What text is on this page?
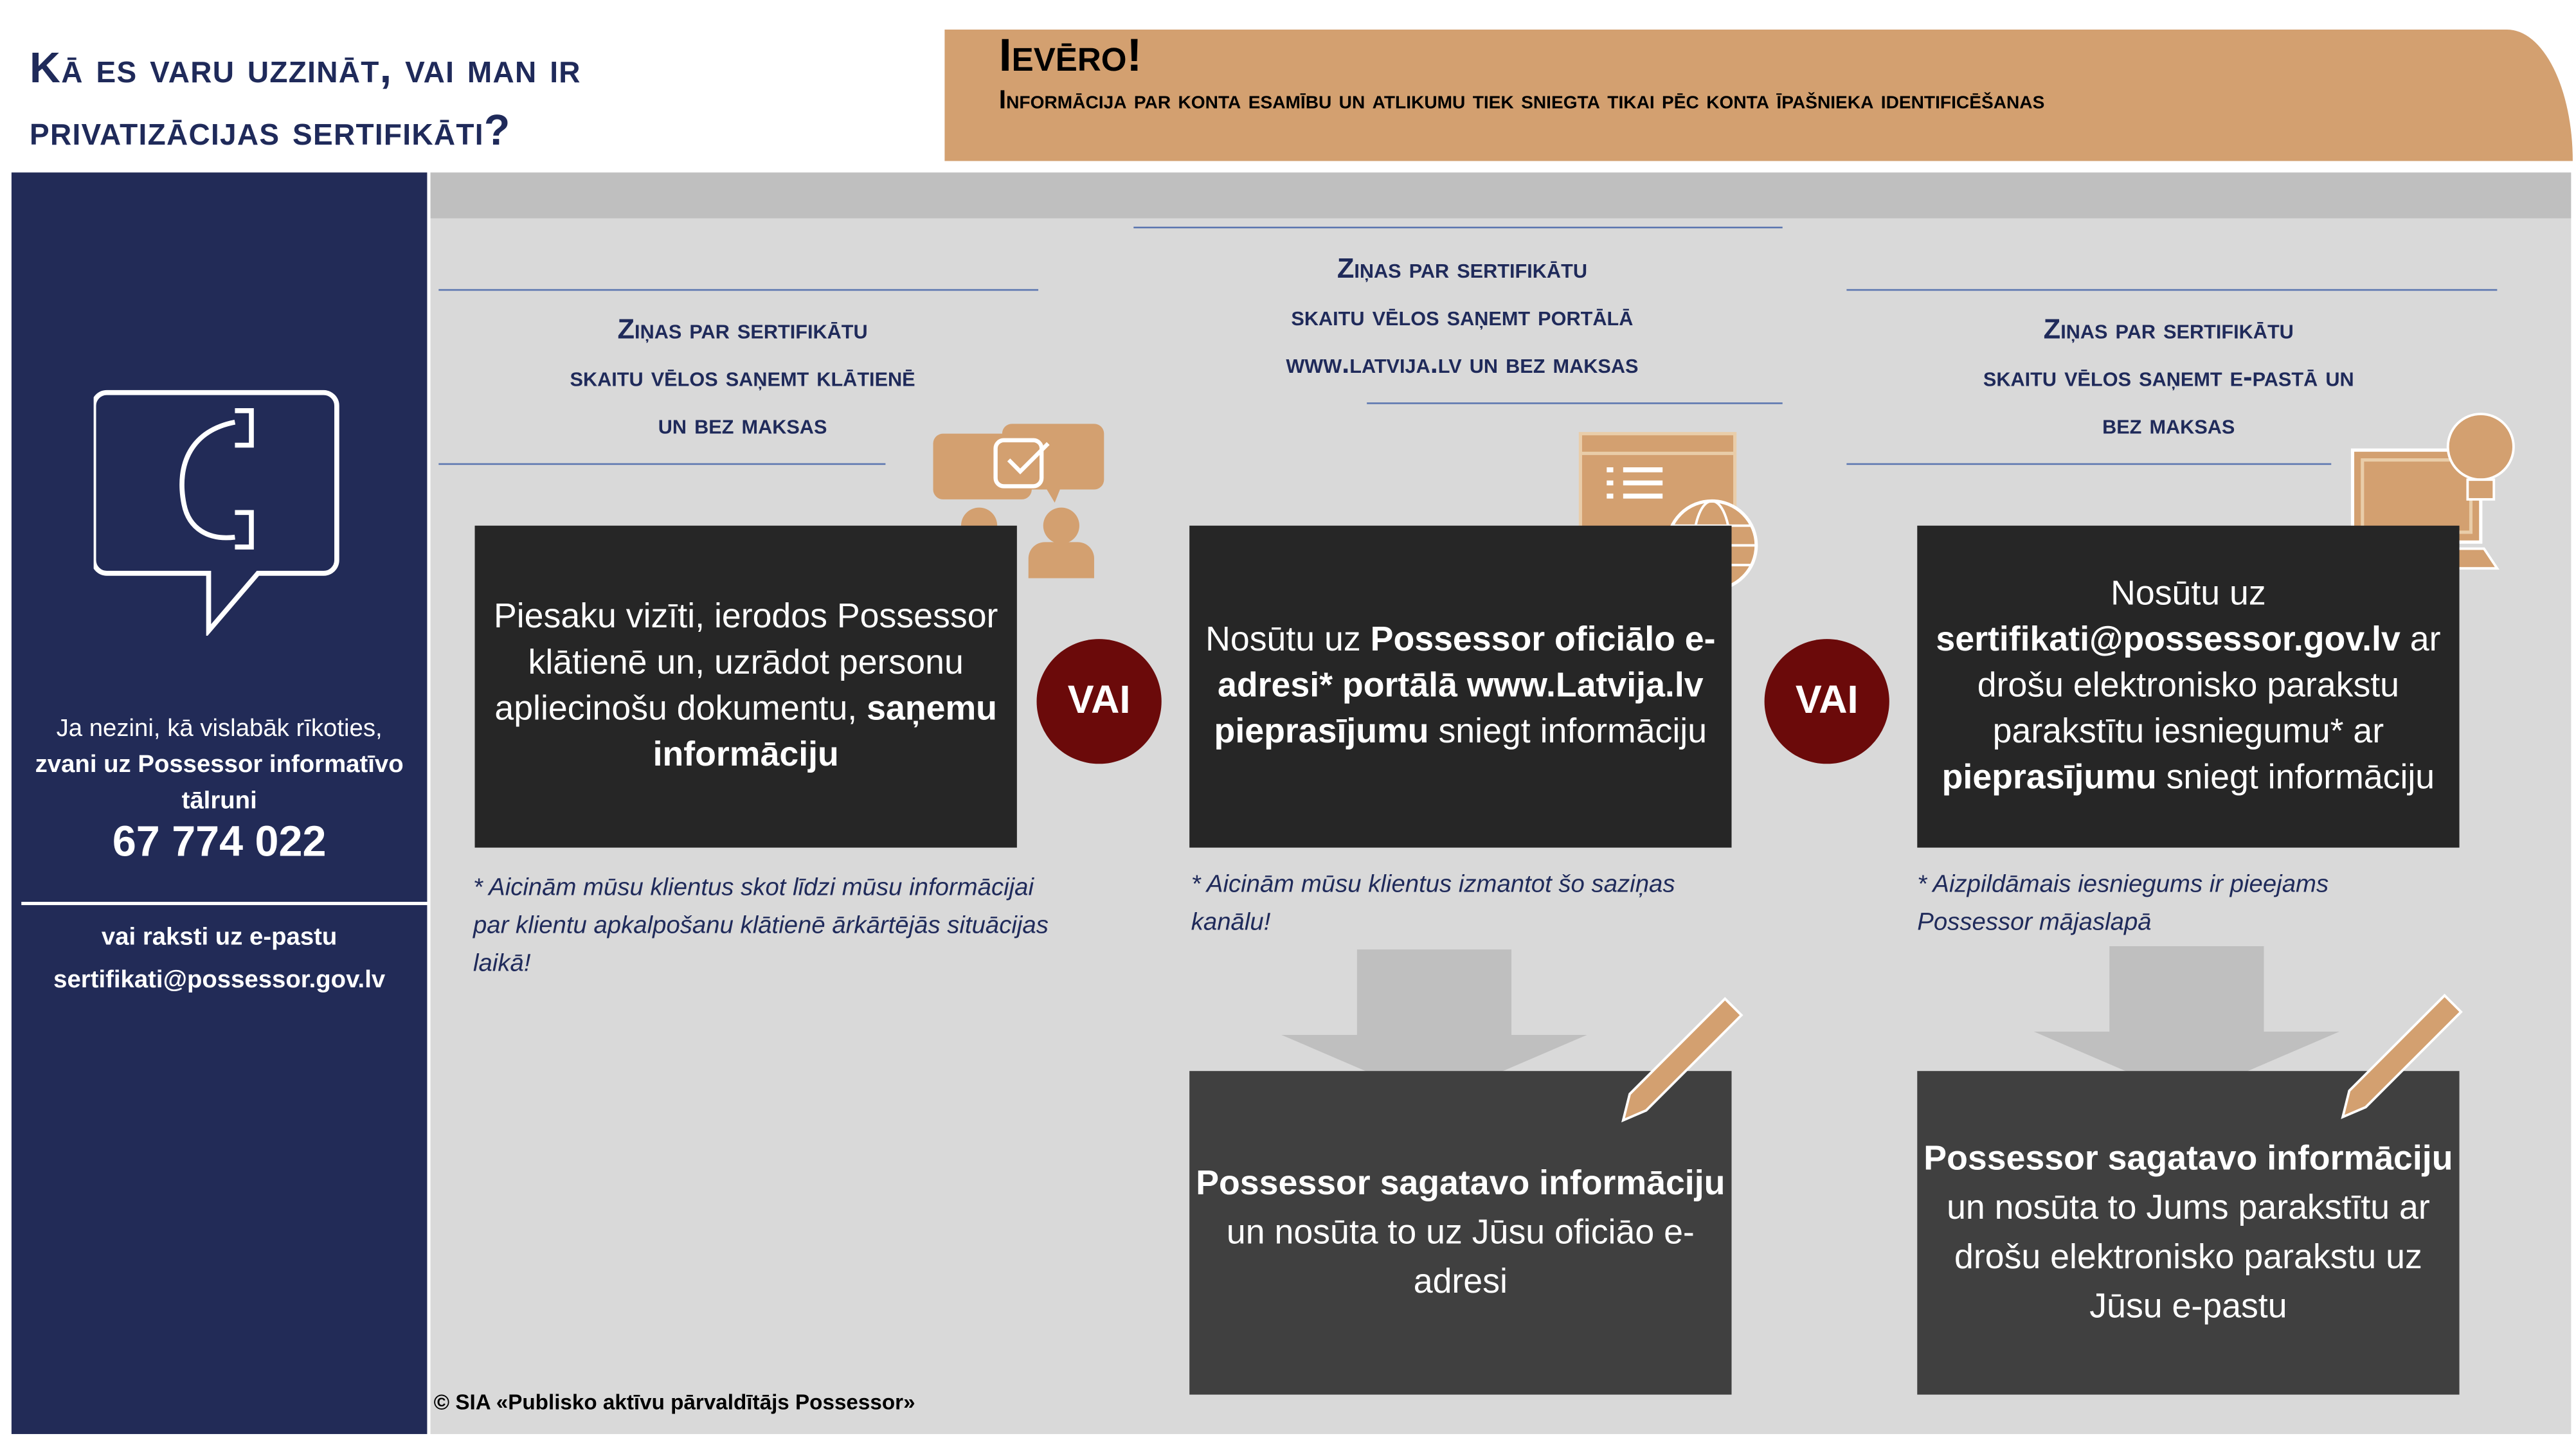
Kā es varu uzzināt, vai man ir
privatizācijas sertifikāti?
Ievēro!
Informācija par konta esamību un atlikumu tiek sniegta tikai pēc konta īpašnieka identificēšanas
Ja nezini, kā vislabāk rīkoties,
zvani uz Possessor informatīvo
tālruni
67 774 022
vai raksti uz e-pastu
sertifikati@possessor.gov.lv
Ziņas par sertifikātu
skaitu vēlos saņemt klātienē
un bez maksas
Piesaku vizīti, ierodos Possessor klātienē un, uzrādot personu apliecinošu dokumentu, saņemu informāciju
* Aicinām mūsu klientus skot līdzi mūsu informācijai par klientu apkalpošanu klātienē ārkārtējās situācijas laikā!
VAI
Ziņas par sertifikātu
skaitu vēlos saņemt portālā
www.latvija.lv un bez maksas
Nosūtu uz Possessor oficiālo e-adresi* portālā www.Latvija.lv pieprasījumu sniegt informāciju
* Aicinām mūsu klientus izmantot šo saziņas kanālu!
Possessor sagatavo informāciju un nosūta to uz Jūsu oficiāo e-adresi
VAI
Ziņas par sertifikātu
skaitu vēlos saņemt e-pastā un
bez maksas
Nosūtu uz sertifikati@possessor.gov.lv ar drošu elektronisko parakstu parakstītu iesniegumu* ar pieprasījumu sniegt informāciju
* Aizpildāmais iesniegums ir pieejams Possessor mājaslapā
Possessor sagatavo informāciju un nosūta to Jums parakstītu ar drošu elektronisko parakstu uz Jūsu e-pastu
© SIA «Publisko aktīvu pārvaldītājs Possessor»
